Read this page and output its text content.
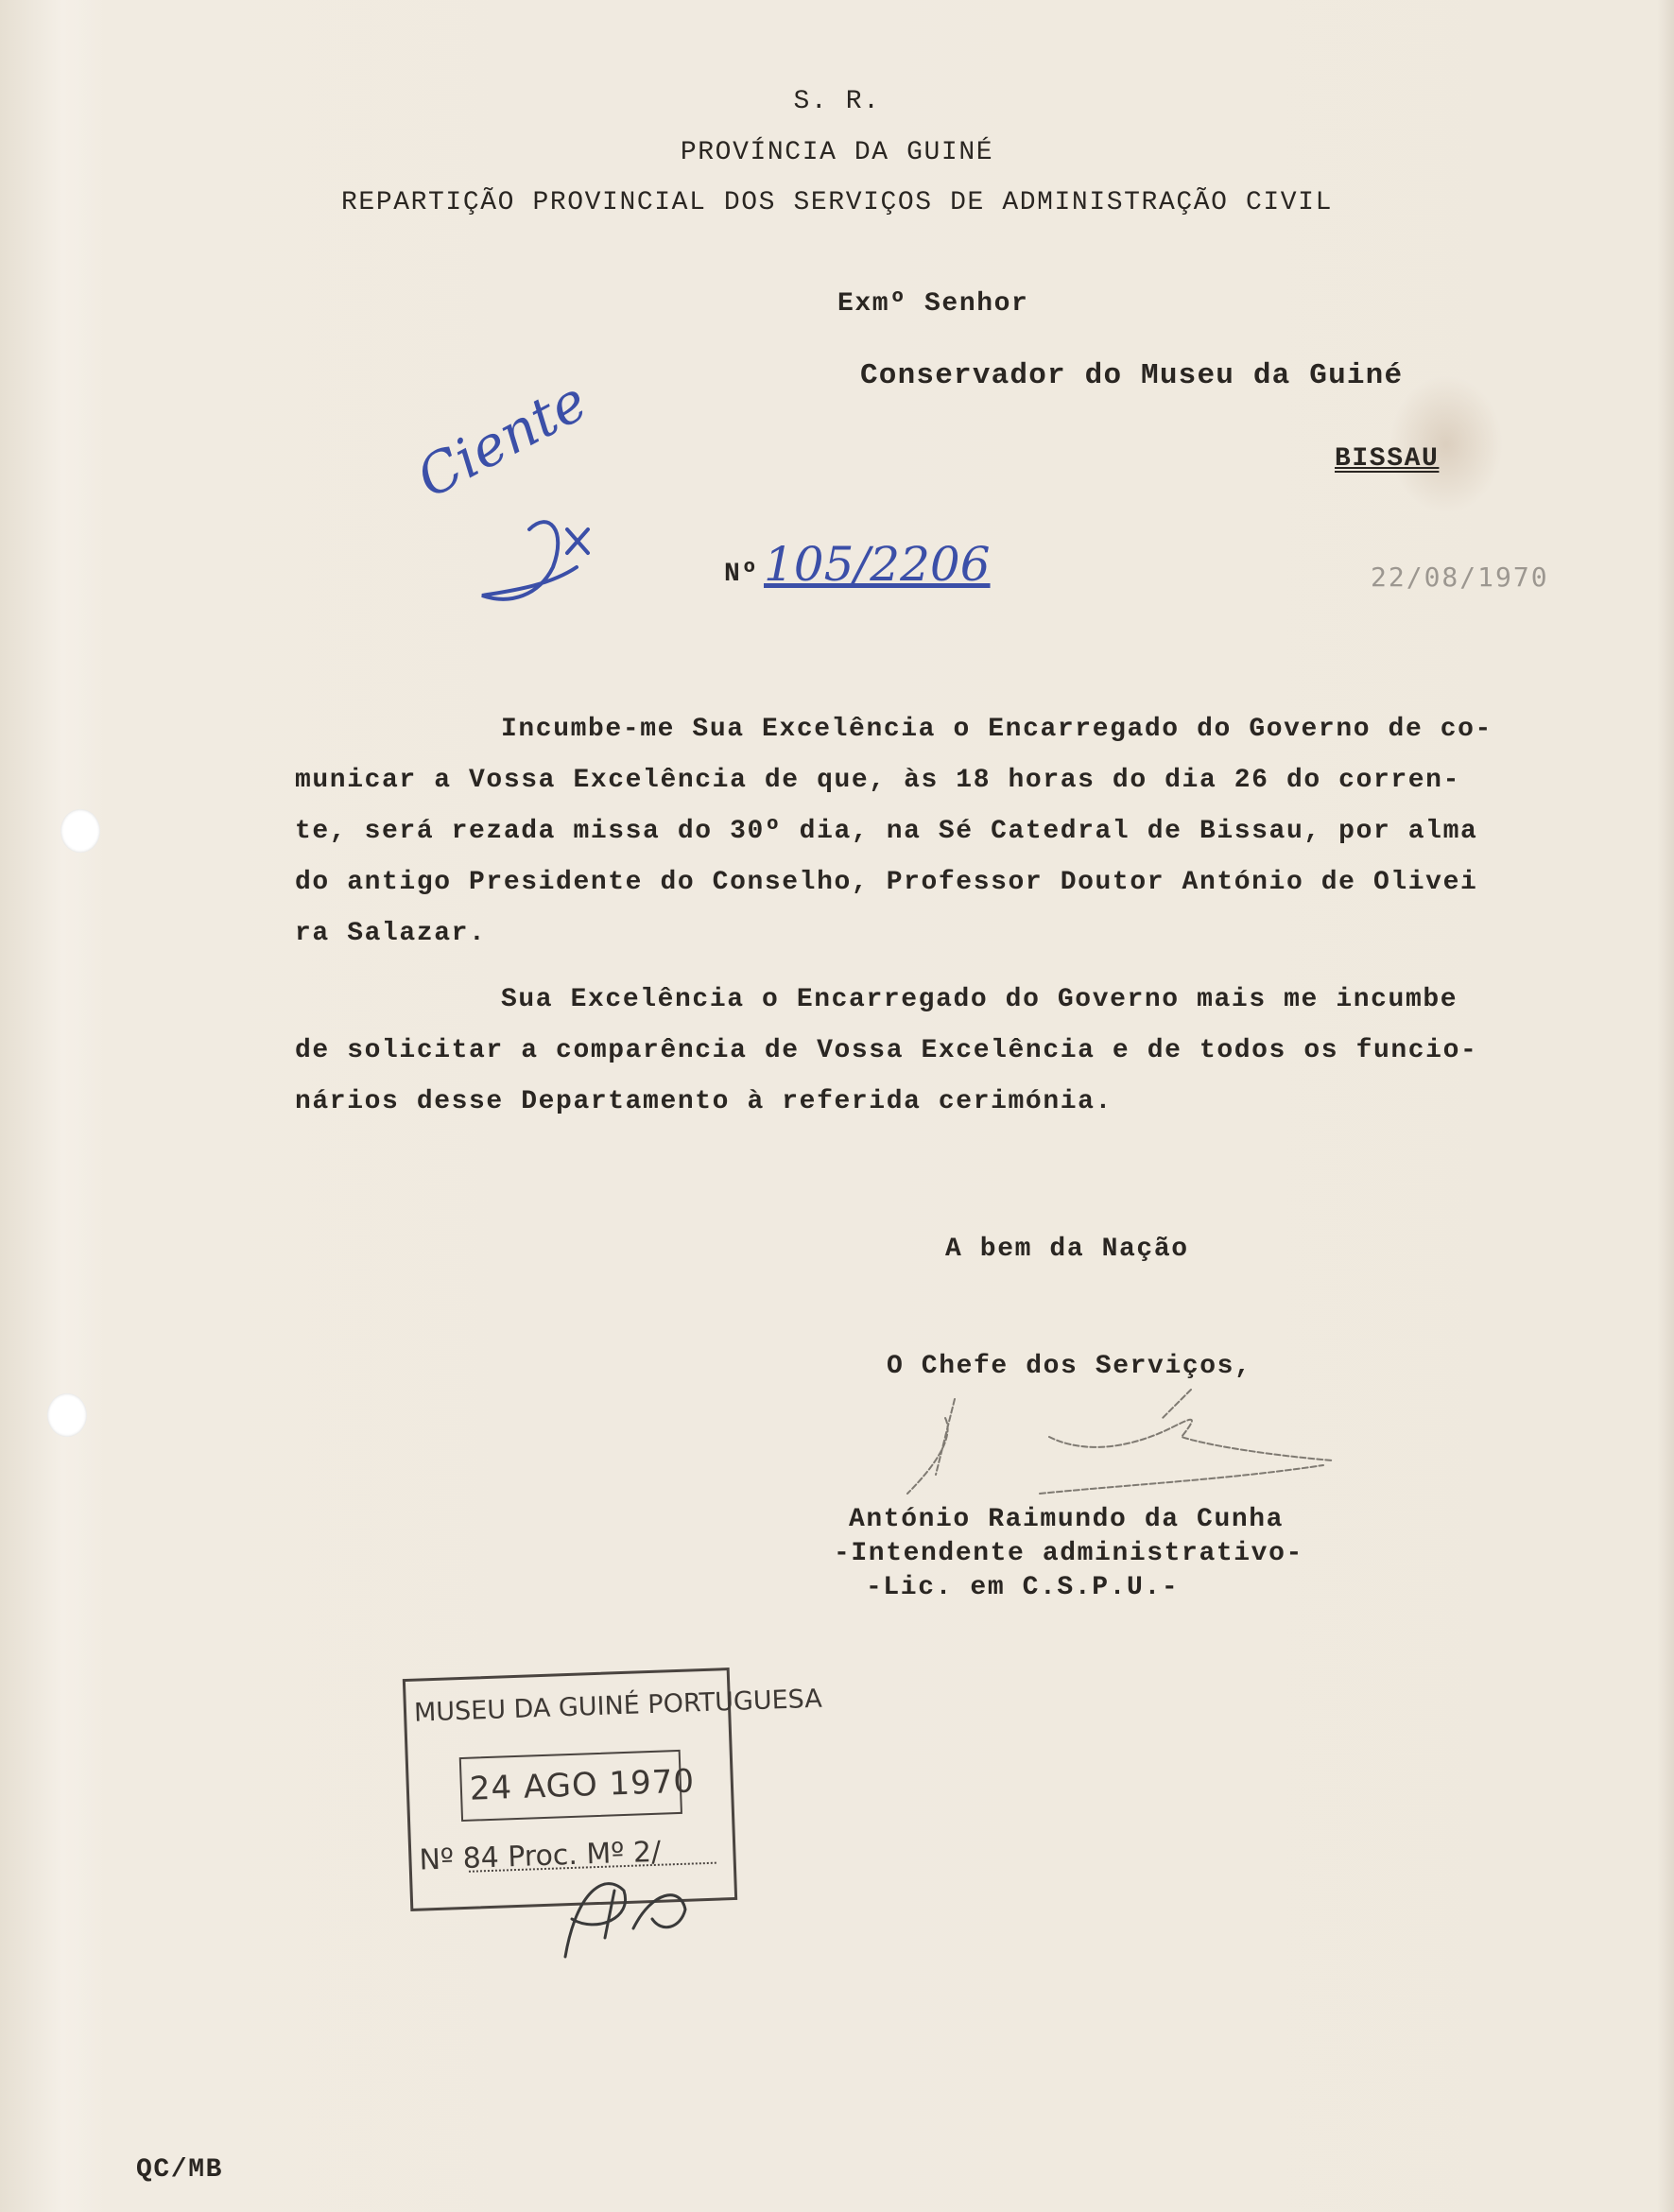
S. R.
PROVÍNCIA DA GUINÉ
REPARTIÇÃO PROVINCIAL DOS SERVIÇOS DE ADMINISTRAÇÃO CIVIL
Exmº Senhor
Conservador do Museu da Guiné
BISSAU
Nº 105/2206	22/08/1970
Ciente
Incumbe-me Sua Excelência o Encarregado do Governo de co-
municar a Vossa Excelência de que, às 18 horas do dia 26 do corren-
te, será rezada missa do 30º dia, na Sé Catedral de Bissau, por alma
do antigo Presidente do Conselho, Professor Doutor António de Olivei
ra Salazar.
Sua Excelência o Encarregado do Governo mais me incumbe
de solicitar a comparência de Vossa Excelência e de todos os funcio-
nários desse Departamento à referida cerimónia.
A bem da Nação
O Chefe dos Serviços,
António Raimundo da Cunha
-Intendente administrativo-
-Lic. em C.S.P.U.-
MUSEU DA GUINÉ PORTUGUESA
24 AGO 1970
Nº 84 Proc. Mº 2/
QC/MB
